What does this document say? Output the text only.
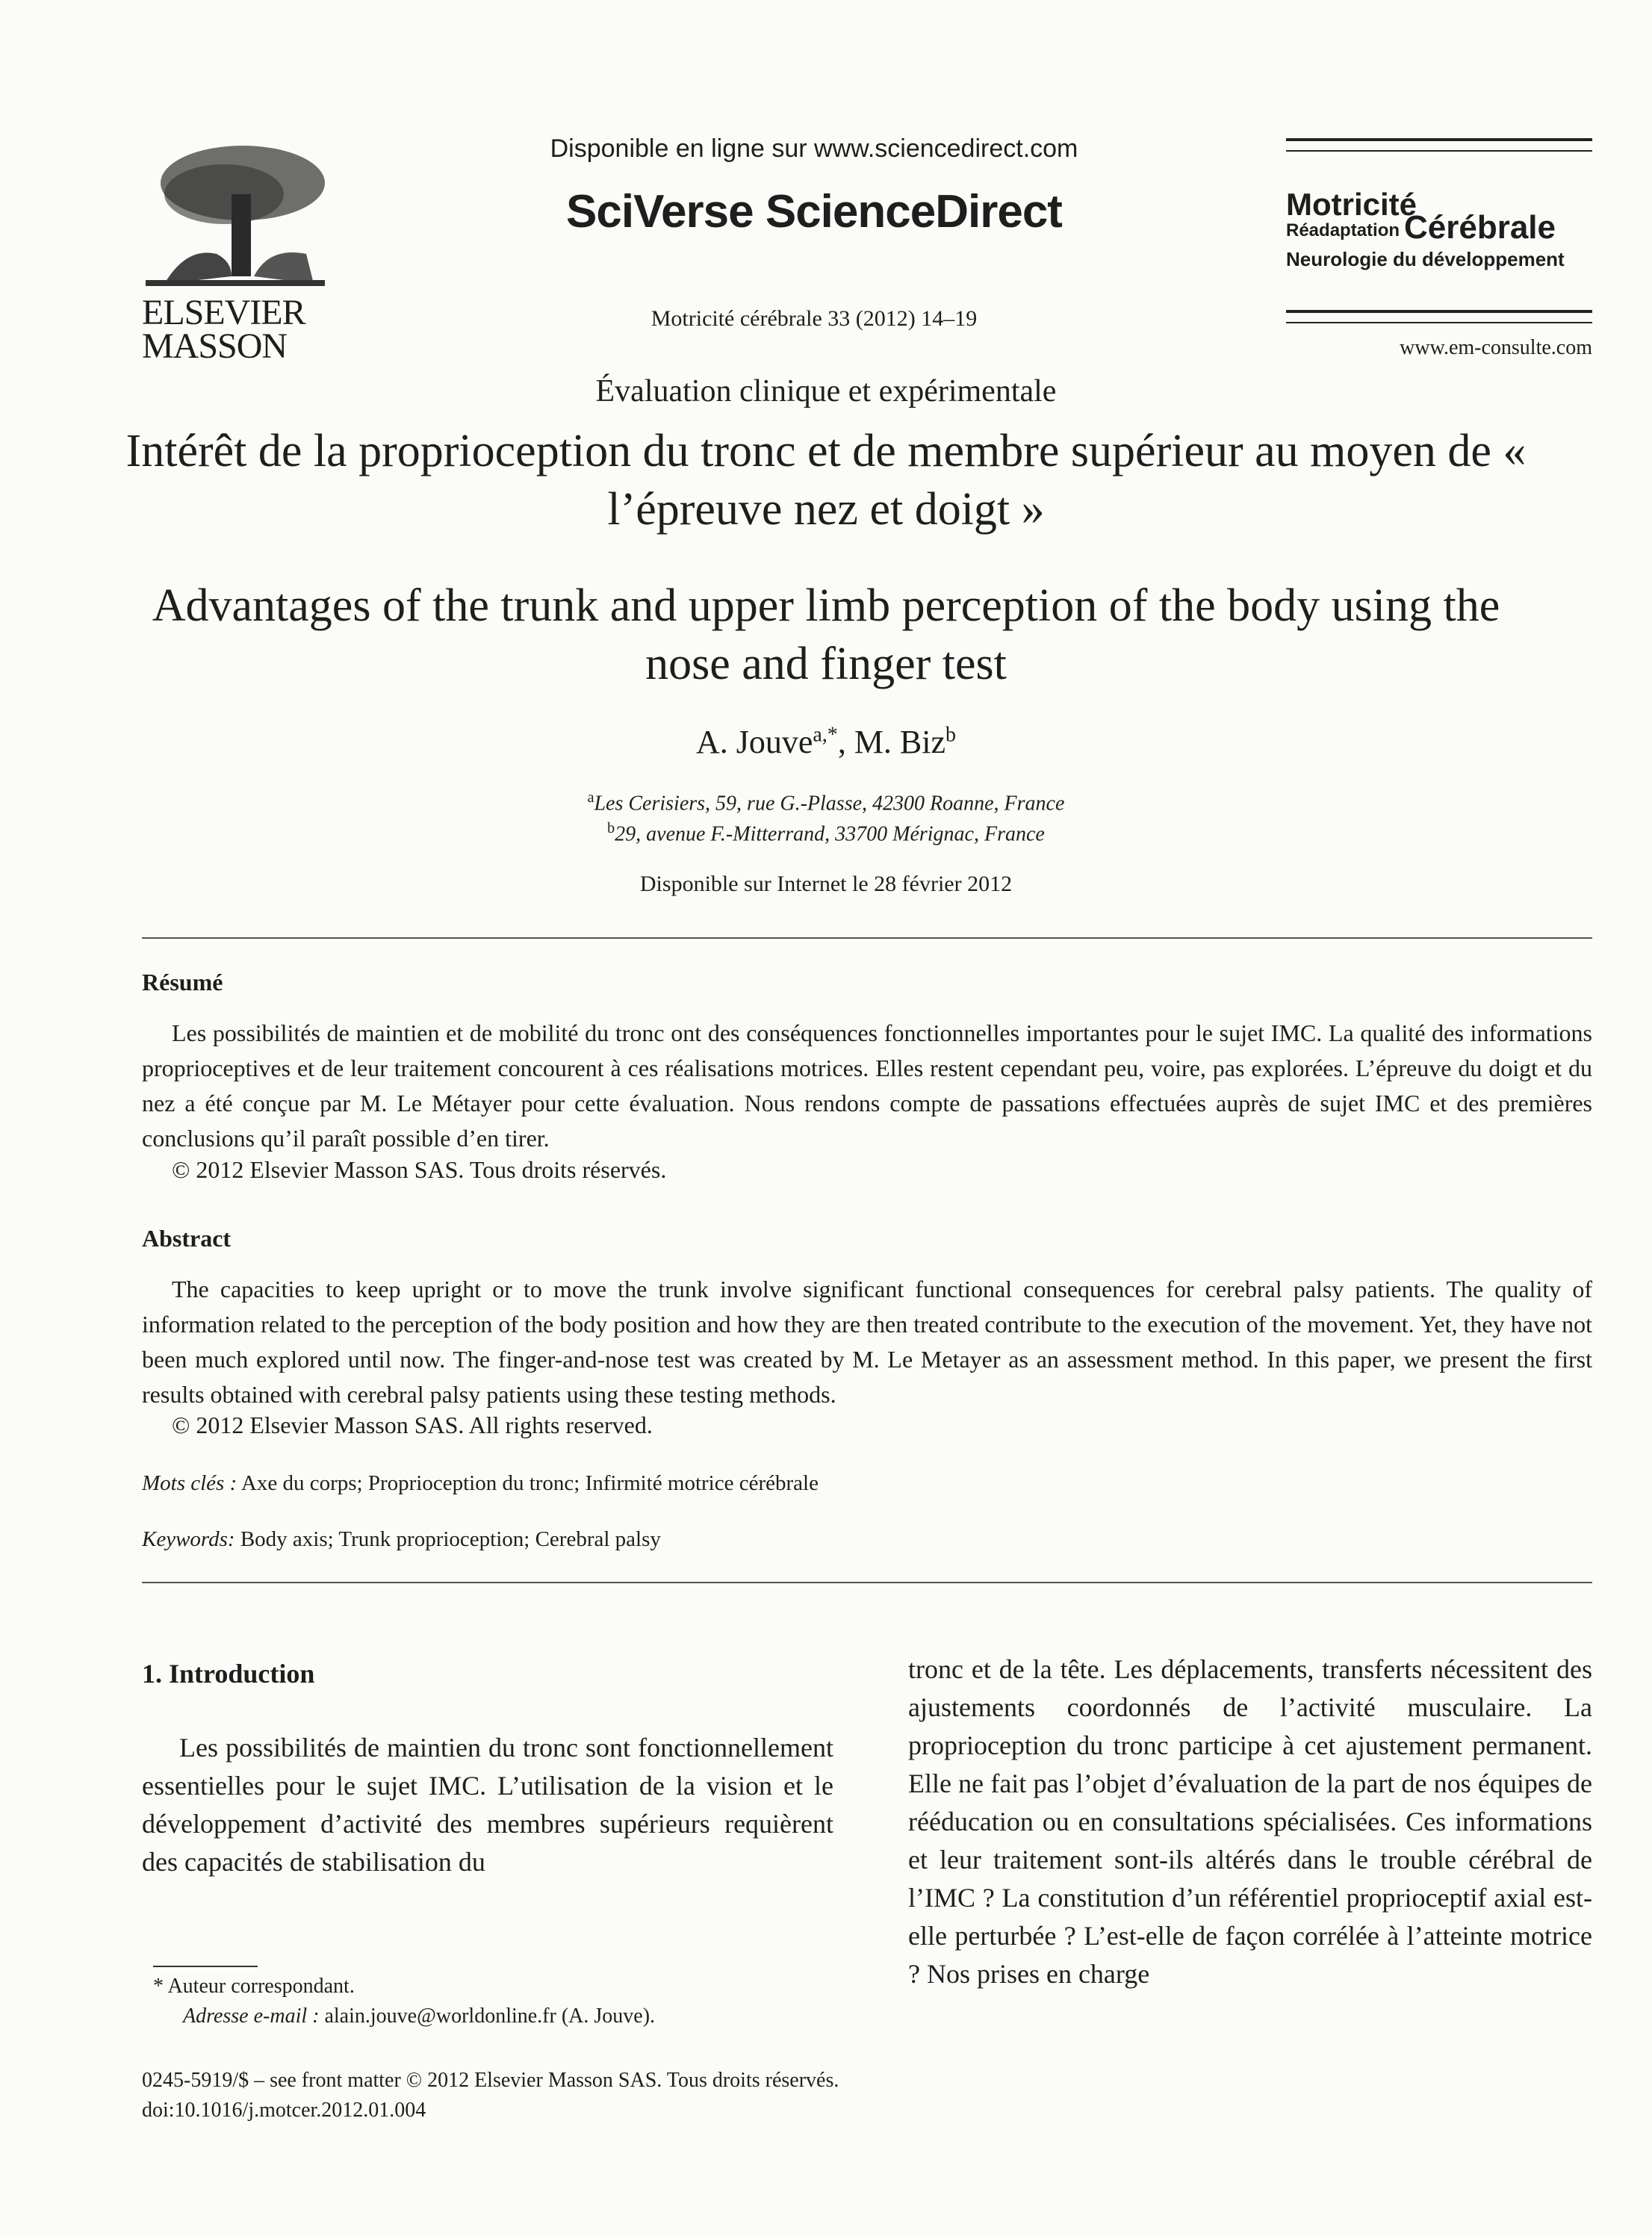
ELSEVIER
MASSON
Disponible en ligne sur www.sciencedirect.com
SciVerse ScienceDirect
Motricité cérébrale 33 (2012) 14–19
Motricité
Réadaptation Cérébrale
Neurologie du développement
www.em-consulte.com
Évaluation clinique et expérimentale
Intérêt de la proprioception du tronc et de membre supérieur au moyen de « l’épreuve nez et doigt »
Advantages of the trunk and upper limb perception of the body using the nose and finger test
A. Jouve$^{a,*}$, M. Biz$^b$
$^a$Les Cerisiers, 59, rue G.-Plasse, 42300 Roanne, France
$^b$29, avenue F.-Mitterrand, 33700 Mérignac, France
Disponible sur Internet le 28 février 2012
Résumé
Les possibilités de maintien et de mobilité du tronc ont des conséquences fonctionnelles importantes pour le sujet IMC. La qualité des informations proprioceptives et de leur traitement concourent à ces réalisations motrices. Elles restent cependant peu, voire, pas explorées. L’épreuve du doigt et du nez a été conçue par M. Le Métayer pour cette évaluation. Nous rendons compte de passations effectuées auprès de sujet IMC et des premières conclusions qu’il paraît possible d’en tirer.
© 2012 Elsevier Masson SAS. Tous droits réservés.
Abstract
The capacities to keep upright or to move the trunk involve significant functional consequences for cerebral palsy patients. The quality of information related to the perception of the body position and how they are then treated contribute to the execution of the movement. Yet, they have not been much explored until now. The finger-and-nose test was created by M. Le Metayer as an assessment method. In this paper, we present the first results obtained with cerebral palsy patients using these testing methods.
© 2012 Elsevier Masson SAS. All rights reserved.
Mots clés : Axe du corps; Proprioception du tronc; Infirmité motrice cérébrale
Keywords: Body axis; Trunk proprioception; Cerebral palsy
1. Introduction
Les possibilités de maintien du tronc sont fonctionnellement essentielles pour le sujet IMC. L’utilisation de la vision et le développement d’activité des membres supérieurs requièrent des capacités de stabilisation du
tronc et de la tête. Les déplacements, transferts nécessitent des ajustements coordonnés de l’activité musculaire. La proprioception du tronc participe à cet ajustement permanent. Elle ne fait pas l’objet d’évaluation de la part de nos équipes de rééducation ou en consultations spécialisées. Ces informations et leur traitement sont-ils altérés dans le trouble cérébral de l’IMC ? La constitution d’un référentiel proprioceptif axial est-elle perturbée ? L’est-elle de façon corrélée à l’atteinte motrice ? Nos prises en charge
* Auteur correspondant.
Adresse e-mail : alain.jouve@worldonline.fr (A. Jouve).
0245-5919/$ – see front matter © 2012 Elsevier Masson SAS. Tous droits réservés.
doi:10.1016/j.motcer.2012.01.004
